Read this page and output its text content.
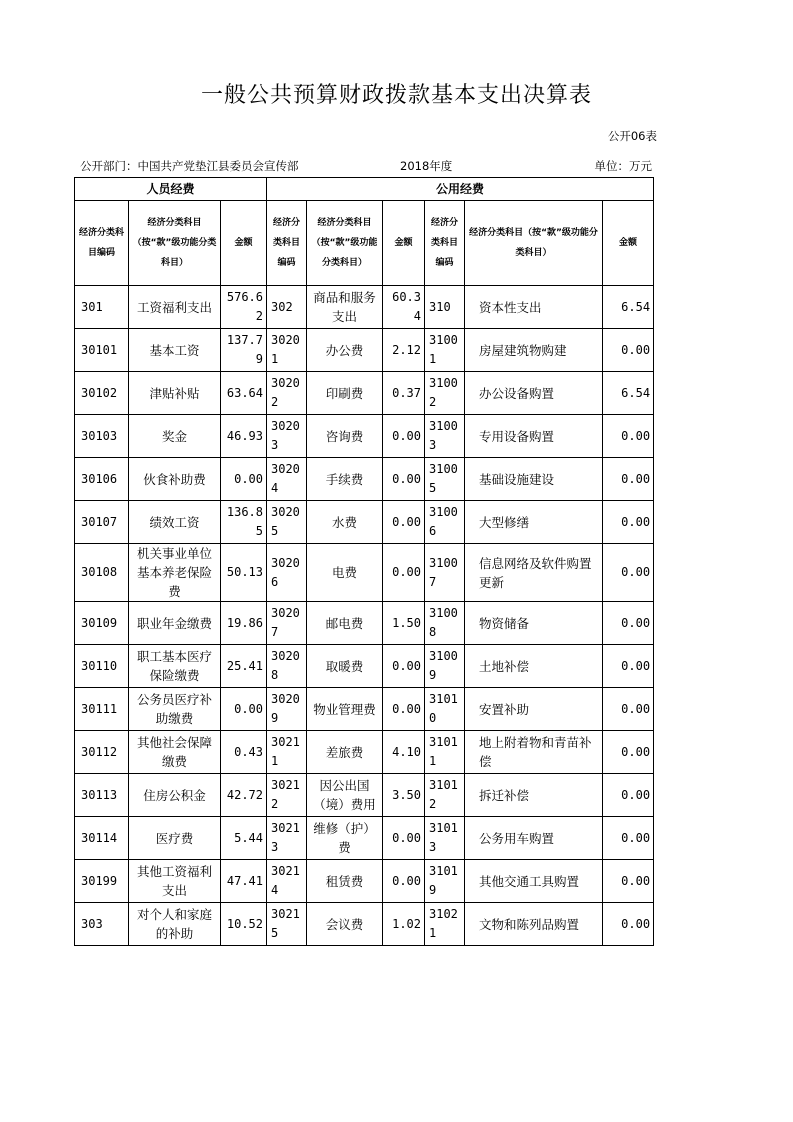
一般公共预算财政拨款基本支出决算表
公开06表
公开部门：中国共产党垫江县委员会宣传部	2018年度	单位：万元
人员经费			公用经费					
经济分类科目编码	经济分类科目（按“款”级功能分类科目）	金额	经济分类科目编码	经济分类科目（按“款”级功能分类科目）	金额	经济分类科目编码	经济分类科目（按“款”级功能分类科目）	金额
301	工资福利支出	576.62	302	商品和服务支出	60.34	310	资本性支出	6.54
30101	基本工资	137.79	30201	办公费	2.12	31001	房屋建筑物购建	0.00
30102	津贴补贴	63.64	30202	印刷费	0.37	31002	办公设备购置	6.54
30103	奖金	46.93	30203	咨询费	0.00	31003	专用设备购置	0.00
30106	伙食补助费	0.00	30204	手续费	0.00	31005	基础设施建设	0.00
30107	绩效工资	136.85	30205	水费	0.00	31006	大型修缮	0.00
30108	机关事业单位基本养老保险费	50.13	30206	电费	0.00	31007	信息网络及软件购置更新	0.00
30109	职业年金缴费	19.86	30207	邮电费	1.50	31008	物资储备	0.00
30110	职工基本医疗保险缴费	25.41	30208	取暖费	0.00	31009	土地补偿	0.00
30111	公务员医疗补助缴费	0.00	30209	物业管理费	0.00	31010	安置补助	0.00
30112	其他社会保障缴费	0.43	30211	差旅费	4.10	31011	地上附着物和青苗补偿	0.00
30113	住房公积金	42.72	30212	因公出国（境）费用	3.50	31012	拆迁补偿	0.00
30114	医疗费	5.44	30213	维修（护）费	0.00	31013	公务用车购置	0.00
30199	其他工资福利支出	47.41	30214	租赁费	0.00	31019	其他交通工具购置	0.00
303	对个人和家庭的补助	10.52	30215	会议费	1.02	31021	文物和陈列品购置	0.00
